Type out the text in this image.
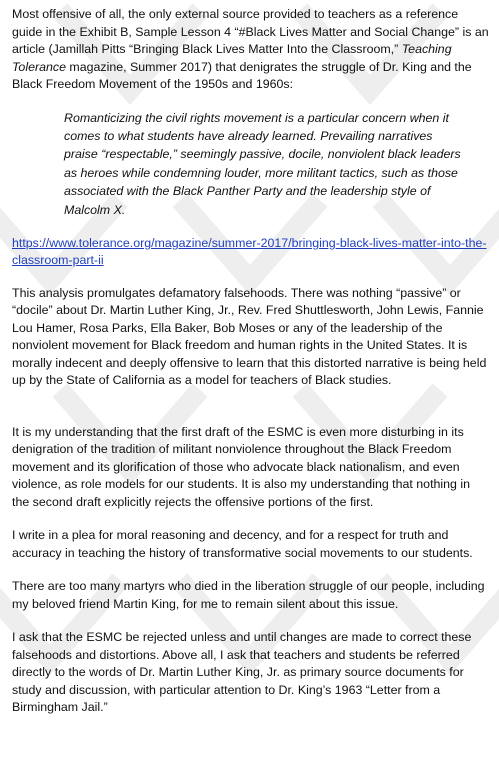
Most offensive of all, the only external source provided to teachers as a reference guide in the Exhibit B, Sample Lesson 4 “#Black Lives Matter and Social Change” is an article (Jamillah Pitts “Bringing Black Lives Matter Into the Classroom,” Teaching Tolerance magazine, Summer 2017) that denigrates the struggle of Dr. King and the Black Freedom Movement of the 1950s and 1960s:

Romanticizing the civil rights movement is a particular concern when it comes to what students have already learned. Prevailing narratives praise “respectable,” seemingly passive, docile, nonviolent black leaders as heroes while condemning louder, more militant tactics, such as those associated with the Black Panther Party and the leadership style of Malcolm X.

https://www.tolerance.org/magazine/summer-2017/bringing-black-lives-matter-into-the-classroom-part-ii

This analysis promulgates defamatory falsehoods. There was nothing “passive” or “docile” about Dr. Martin Luther King, Jr., Rev. Fred Shuttlesworth, John Lewis, Fannie Lou Hamer, Rosa Parks, Ella Baker, Bob Moses or any of the leadership of the nonviolent movement for Black freedom and human rights in the United States. It is morally indecent and deeply offensive to learn that this distorted narrative is being held up by the State of California as a model for teachers of Black studies.

It is my understanding that the first draft of the ESMC is even more disturbing in its denigration of the tradition of militant nonviolence throughout the Black Freedom movement and its glorification of those who advocate black nationalism, and even violence, as role models for our students. It is also my understanding that nothing in the second draft explicitly rejects the offensive portions of the first.

I write in a plea for moral reasoning and decency, and for a respect for truth and accuracy in teaching the history of transformative social movements to our students.

There are too many martyrs who died in the liberation struggle of our people, including my beloved friend Martin King, for me to remain silent about this issue.

I ask that the ESMC be rejected unless and until changes are made to correct these falsehoods and distortions. Above all, I ask that teachers and students be referred directly to the words of Dr. Martin Luther King, Jr. as primary source documents for study and discussion, with particular attention to Dr. King’s 1963 “Letter from a Birmingham Jail.”
